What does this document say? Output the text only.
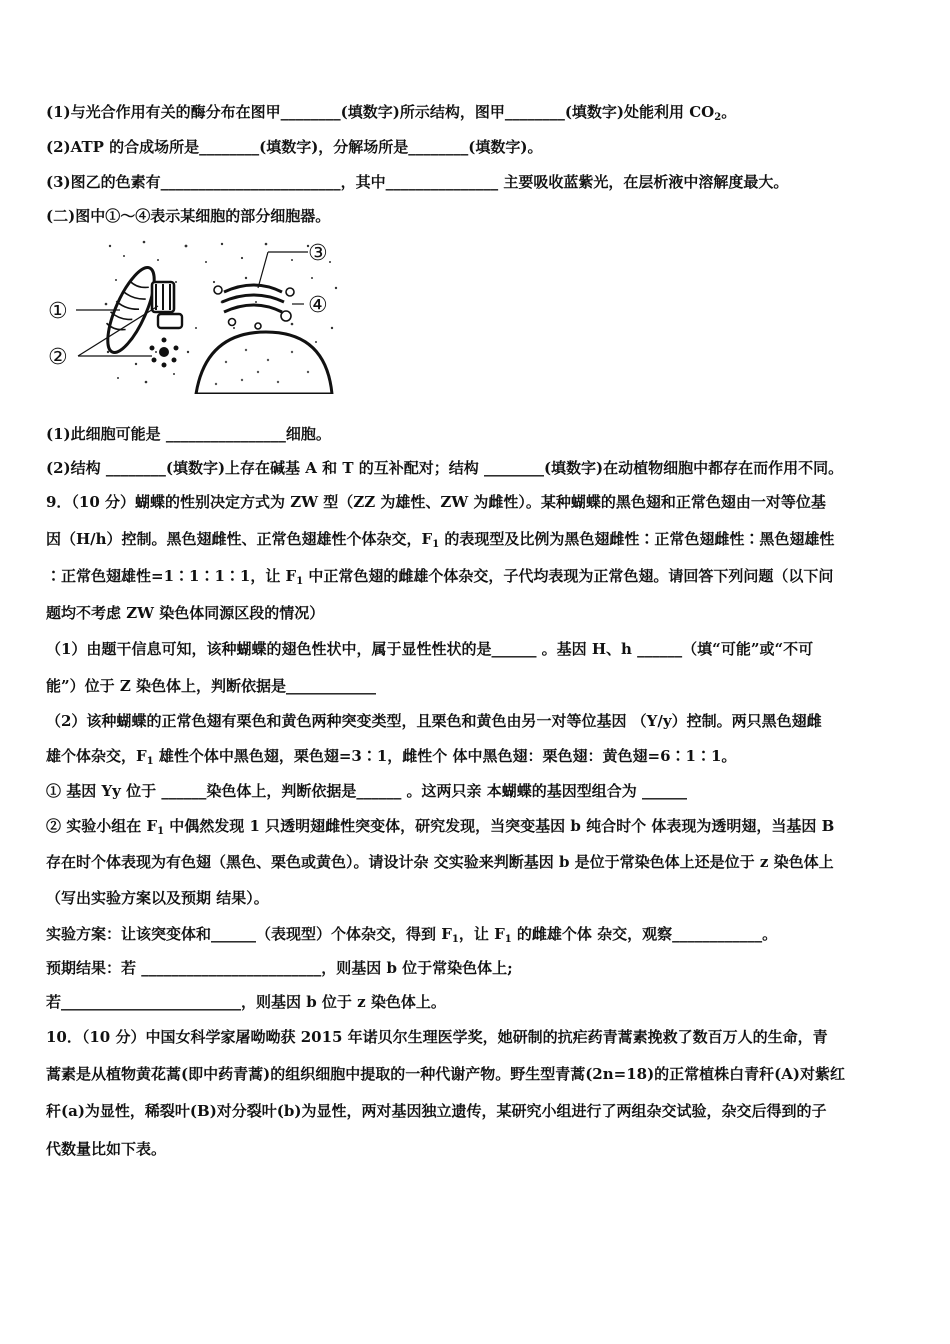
(1)与光合作用有关的酶分布在图甲________(填数字)所示结构，图甲________(填数字)处能利用 $CO_2$。
(2)ATP 的合成场所是________(填数字)，分解场所是________(填数字)。
(3)图乙的色素有________________________，其中_______________ 主要吸收蓝紫光，在层析液中溶解度最大。
(二)图中①～④表示某细胞的部分细胞器。
①
②
③
④
(1)此细胞可能是 ________________细胞。
(2)结构 ________(填数字)上存在碱基 A 和 T 的互补配对；结构 ________(填数字)在动植物细胞中都存在而作用不同。
9．（10 分）蝴蝶的性别决定方式为 ZW 型（ZZ 为雄性、ZW 为雌性）。某种蝴蝶的黑色翅和正常色翅由一对等位基
因（H/h）控制。黑色翅雌性、正常色翅雄性个体杂交，$F_1$ 的表现型及比例为黑色翅雌性∶正常色翅雌性∶黑色翅雄性
∶正常色翅雄性=1∶1∶1∶1，让 $F_1$ 中正常色翅的雌雄个体杂交，子代均表现为正常色翅。请回答下列问题（以下问
题均不考虑 ZW 染色体同源区段的情况）
（1）由题干信息可知，该种蝴蝶的翅色性状中，属于显性性状的是______ 。基因 H、h ______（填“可能”或“不可
能”）位于 Z 染色体上，判断依据是____________
（2）该种蝴蝶的正常色翅有栗色和黄色两种突变类型，且栗色和黄色由另一对等位基因 （Y/y）控制。两只黑色翅雌
雄个体杂交，$F_1$ 雄性个体中黑色翅，栗色翅=3∶1，雌性个 体中黑色翅：栗色翅：黄色翅=6∶1∶1。
① 基因 Yy 位于 ______染色体上，判断依据是______ 。这两只亲 本蝴蝶的基因型组合为 ______
② 实验小组在 $F_1$ 中偶然发现 1 只透明翅雌性突变体，研究发现，当突变基因 b 纯合时个 体表现为透明翅，当基因 B
存在时个体表现为有色翅（黑色、栗色或黄色）。请设计杂 交实验来判断基因 b 是位于常染色体上还是位于 z 染色体上
（写出实验方案以及预期 结果）。
实验方案：让该突变体和______（表现型）个体杂交，得到 $F_1$，让 $F_1$ 的雌雄个体 杂交，观察____________。
预期结果：若 ________________________，则基因 b 位于常染色体上;
若________________________，则基因 b 位于 z 染色体上。
10．（10 分）中国女科学家屠呦呦获 2015 年诺贝尔生理医学奖，她研制的抗疟药青蒿素挽救了数百万人的生命，青
蒿素是从植物黄花蒿(即中药青蒿)的组织细胞中提取的一种代谢产物。野生型青蒿(2n=18)的正常植株白青秆(A)对紫红
秆(a)为显性，稀裂叶(B)对分裂叶(b)为显性，两对基因独立遗传，某研究小组进行了两组杂交试验，杂交后得到的子
代数量比如下表。
